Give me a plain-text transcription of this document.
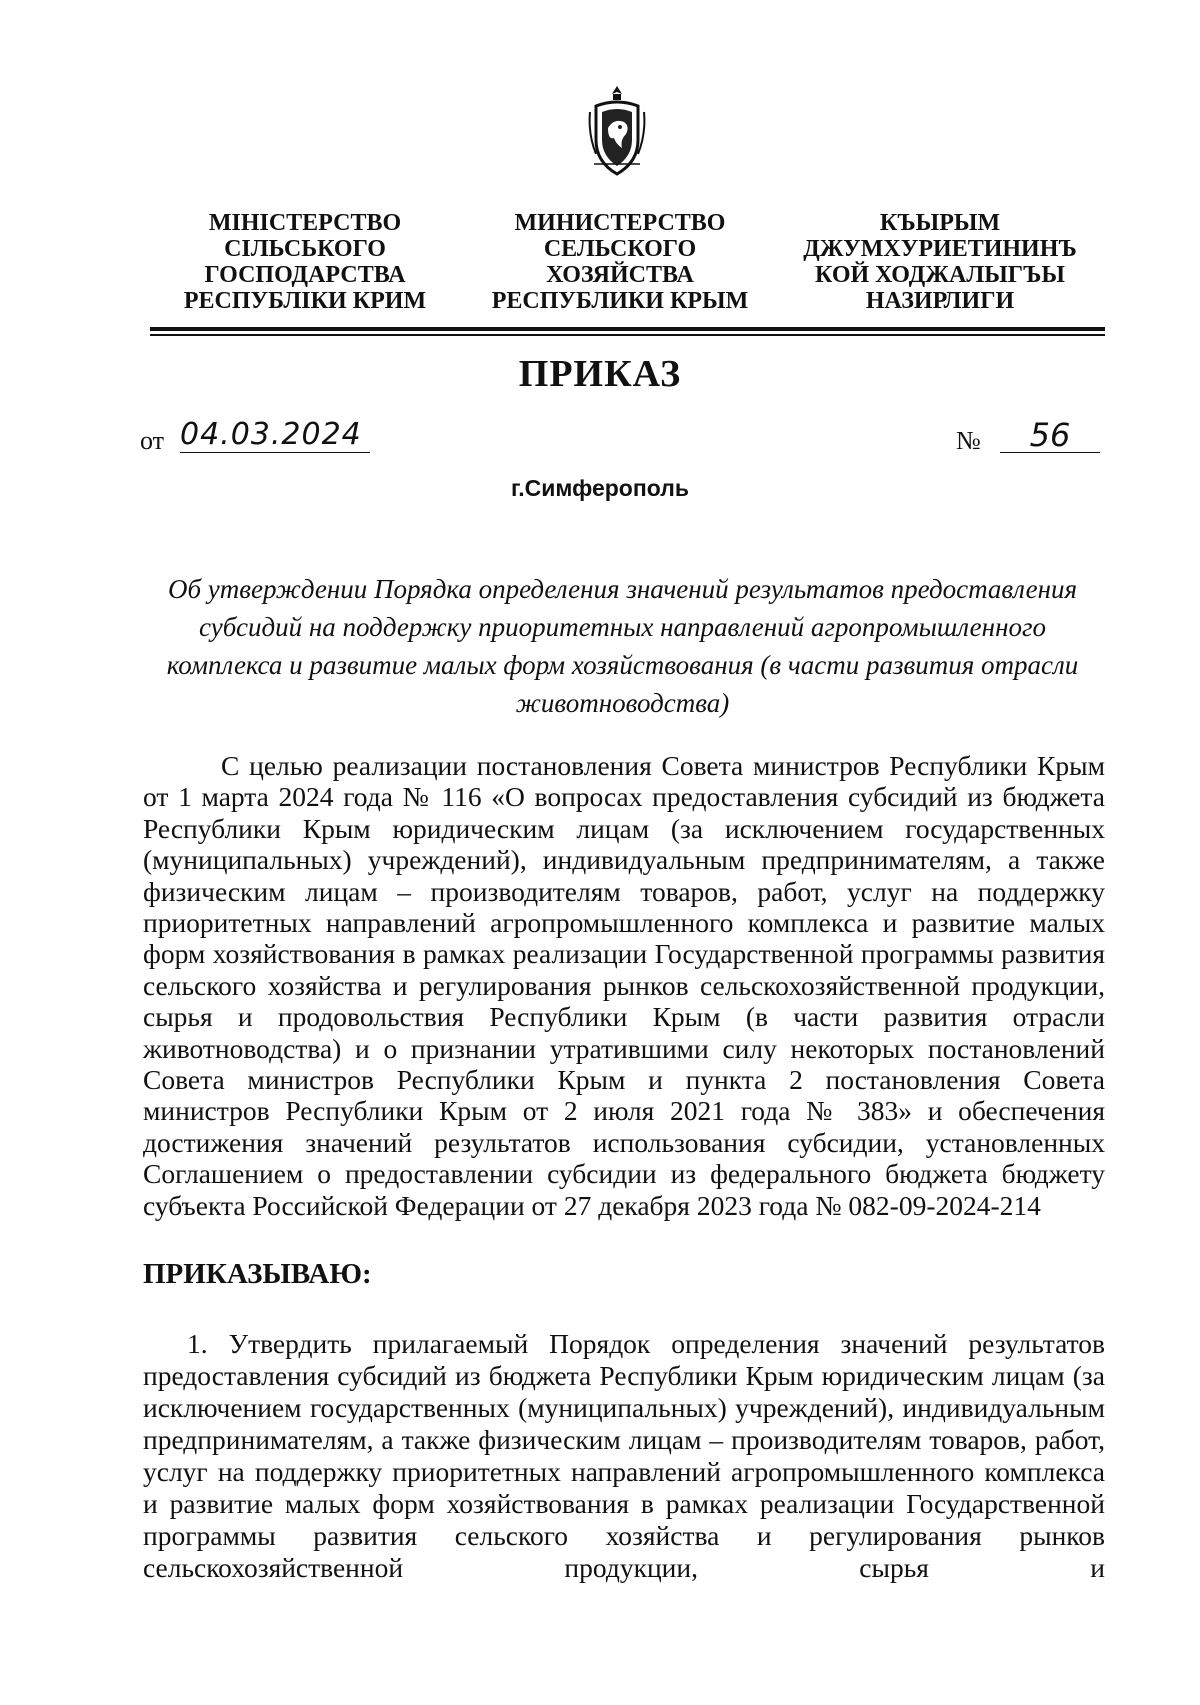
МІНІСТЕРСТВО СІЛЬСЬКОГО ГОСПОДАРСТВА РЕСПУБЛІКИ КРИМ
МИНИСТЕРСТВО СЕЛЬСКОГО ХОЗЯЙСТВА РЕСПУБЛИКИ КРЫМ
КЪЫРЫМ ДЖУМХУРИЕТИНИНЪ КОЙ ХОДЖАЛЫГЪЫ НАЗИРЛИГИ
ПРИКАЗ
от 04.03.2024	№	56
г.Симферополь
Об утверждении Порядка определения значений результатов предоставления субсидий на поддержку приоритетных направлений агропромышленного комплекса и развитие малых форм хозяйствования (в части развития отрасли животноводства)
С целью реализации постановления Совета министров Республики Крым от 1 марта 2024 года № 116 «О вопросах предоставления субсидий из бюджета Республики Крым юридическим лицам (за исключением государственных (муниципальных) учреждений), индивидуальным предпринимателям, а также физическим лицам – производителям товаров, работ, услуг на поддержку приоритетных направлений агропромышленного комплекса и развитие малых форм хозяйствования в рамках реализации Государственной программы развития сельского хозяйства и регулирования рынков сельскохозяйственной продукции, сырья и продовольствия Республики Крым (в части развития отрасли животноводства) и о признании утратившими силу некоторых постановлений Совета министров Республики Крым и пункта 2 постановления Совета министров Республики Крым от 2 июля 2021 года № 383» и обеспечения достижения значений результатов использования субсидии, установленных Соглашением о предоставлении субсидии из федерального бюджета бюджету субъекта Российской Федерации от 27 декабря 2023 года № 082-09-2024-214
ПРИКАЗЫВАЮ:
1. Утвердить прилагаемый Порядок определения значений результатов предоставления субсидий из бюджета Республики Крым юридическим лицам (за исключением государственных (муниципальных) учреждений), индивидуальным предпринимателям, а также физическим лицам – производителям товаров, работ, услуг на поддержку приоритетных направлений агропромышленного комплекса и развитие малых форм хозяйствования в рамках реализации Государственной программы развития сельского хозяйства и регулирования рынков сельскохозяйственной продукции, сырья и
